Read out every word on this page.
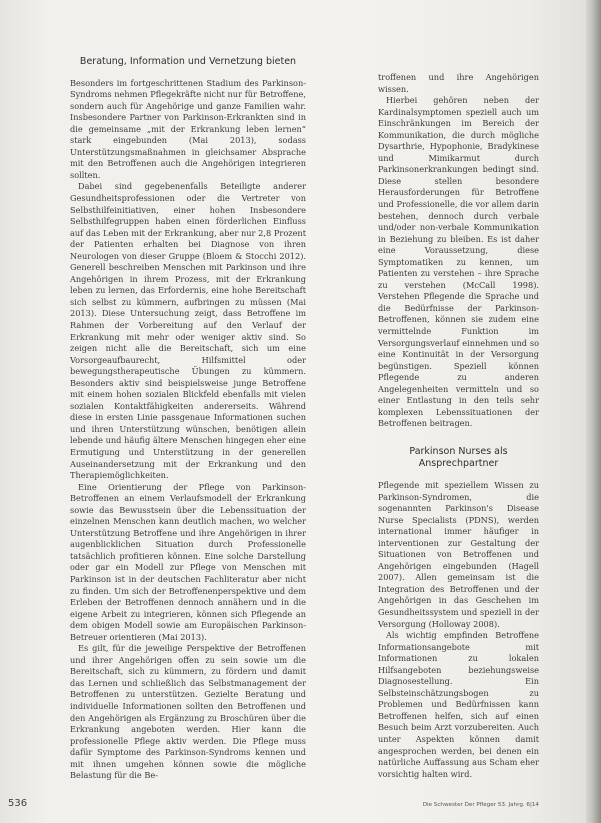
Beratung, Information und Vernetzung bieten

Besonders im fortgeschrittenen Stadium des Parkinson-Syndroms nehmen Pflegekräfte nicht nur für Betroffene, sondern auch für Angehörige und ganze Familien wahr. Insbesondere Partner von Parkinson-Erkrankten sind in die gemeinsame „mit der Erkrankung leben lernen“ stark eingebunden (Mai 2013), sodass Unterstützungsmaßnahmen in gleichsamer Absprache mit den Betroffenen auch die Angehörigen integrieren sollten.

Dabei sind gegebenenfalls Beteiligte anderer Gesundheitsprofessionen oder die Vertreter von Selbsthilfeinitiativen, einer hohen Insbesondere Selbsthilfegruppen haben einen förderlichen Einfluss auf das Leben mit der Erkrankung, aber nur 2,8 Prozent der Patienten erhalten bei Diagnose von ihren Neurologen von dieser Gruppe (Bloem & Stocchi 2012). Generell beschreiben Menschen mit Parkinson und ihre Angehörigen in ihrem Prozess, mit der Erkrankung leben zu lernen, das Erfordernis, eine hohe Bereitschaft sich selbst zu kümmern, aufbringen zu müssen (Mai 2013). Diese Untersuchung zeigt, dass Betroffene im Rahmen der Vorbereitung auf den Verlauf der Erkrankung mit mehr oder weniger aktiv sind. So zeigen nicht alle die Bereitschaft, sich um eine Vorsorgeaufbaurecht, Hilfsmittel oder bewegungstherapeutische Übungen zu kümmern. Besonders aktiv sind beispielsweise junge Betroffene mit einem hohen sozialen Blickfeld ebenfalls mit vielen sozialen Kontaktfähigkeiten andererseits. Während diese in ersten Linie passgenaue Informationen suchen und ihren Unterstützung wünschen, benötigen allein lebende und häufig ältere Menschen hingegen eher eine Ermutigung und Unterstützung in der generellen Auseinandersetzung mit der Erkrankung und den Therapiemöglichkeiten.

Eine Orientierung der Pflege von Parkinson-Betroffenen an einem Verlaufsmodell der Erkrankung sowie das Bewusstsein über die Lebenssituation der einzelnen Menschen kann deutlich machen, wo welcher Unterstützung Betroffene und ihre Angehörigen in ihrer augenblicklichen Situation durch Professionelle tatsächlich profitieren können. Eine solche Darstellung oder gar ein Modell zur Pflege von Menschen mit Parkinson ist in der deutschen Fachliteratur aber nicht zu finden. Um sich der Betroffenenperspektive und dem Erleben der Betroffenen dennoch annähern und in die eigene Arbeit zu integrieren, können sich Pflegende an dem obigen Modell sowie am Europäischen Parkinson-Betreuer orientieren (Mai 2013).

Es gilt, für die jeweilige Perspektive der Betroffenen und ihrer Angehörigen offen zu sein sowie um die Bereitschaft, sich zu kümmern, zu fördern und damit das Lernen und schließlich das Selbstmanagement der Betroffenen zu unterstützen. Gezielte Beratung und individuelle Informationen sollten den Betroffenen und den Angehörigen als Ergänzung zu Broschüren über die Erkrankung angeboten werden. Hier kann die professionelle Pflege aktiv werden. Die Pflege muss dafür Symptome des Parkinson-Syndroms kennen und mit ihnen umgehen können sowie die mögliche Belastung für die Be-

troffenen und ihre Angehörigen wissen.

Hierbei gehören neben der Kardinalsymptomen speziell auch um Einschränkungen im Bereich der Kommunikation, die durch mögliche Dysarthrie, Hypophonie, Bradykinese und Mimikarmut durch Parkinsonerkrankungen bedingt sind. Diese stellen besondere Herausforderungen für Betroffene und Professionelle, die vor allem darin bestehen, dennoch durch verbale und/oder non-verbale Kommunikation in Beziehung zu bleiben. Es ist daher eine Voraussetzung, diese Symptomatiken zu kennen, um Patienten zu verstehen – ihre Sprache zu verstehen (McCall 1998). Verstehen Pflegende die Sprache und die Bedürfnisse der Parkinson-Betroffenen, können sie zudem eine vermittelnde Funktion im Versorgungsverlauf einnehmen und so eine Kontinuität in der Versorgung begünstigen. Speziell können Pflegende zu anderen Angelegenheiten vermitteln und so einer Entlastung in den teils sehr komplexen Lebenssituationen der Betroffenen beitragen.

Parkinson Nurses als Ansprechpartner

Pflegende mit speziellem Wissen zu Parkinson-Syndromen, die sogenannten Parkinson's Disease Nurse Specialists (PDNS), werden international immer häufiger in interventionen zur Gestaltung der Situationen von Betroffenen und Angehörigen eingebunden (Hagell 2007). Allen gemeinsam ist die Integration des Betroffenen und der Angehörigen in das Geschehen im Gesundheitssystem und speziell in der Versorgung (Holloway 2008).

Als wichtig empfinden Betroffene Informationsangebote mit Informationen zu lokalen Hilfsangeboten beziehungsweise Diagnosestellung. Ein Selbsteinschätzungsbogen zu Problemen und Bedürfnissen kann Betroffenen helfen, sich auf einen Besuch beim Arzt vorzubereiten. Auch unter Aspekten können damit angesprochen werden, bei denen ein natürliche Auffassung aus Scham eher vorsichtig halten wird.

536	Die Schwester Der Pfleger 53. Jahrg. 6|14
